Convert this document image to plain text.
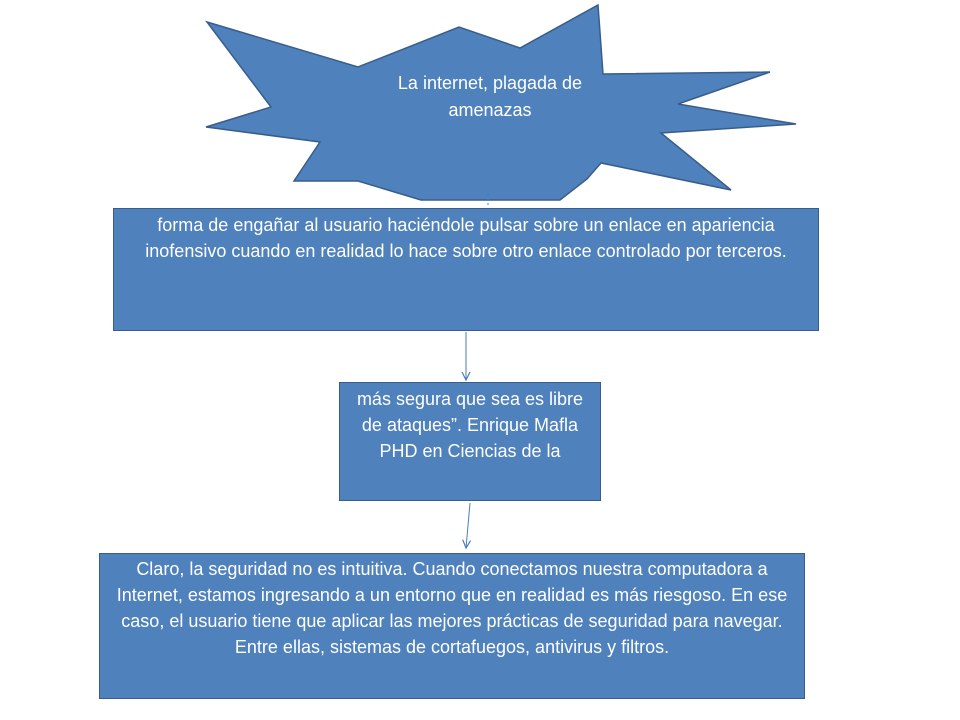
La internet, plagada de amenazas
forma de engañar al usuario haciéndole pulsar sobre un enlace en apariencia inofensivo cuando en realidad lo hace sobre otro enlace controlado por terceros.
más segura que sea es libre de ataques”. Enrique Mafla PHD en Ciencias de la
Claro, la seguridad no es intuitiva. Cuando conectamos nuestra computadora a Internet, estamos ingresando a un entorno que en realidad es más riesgoso. En ese caso, el usuario tiene que aplicar las mejores prácticas de seguridad para navegar. Entre ellas, sistemas de cortafuegos, antivirus y filtros.
